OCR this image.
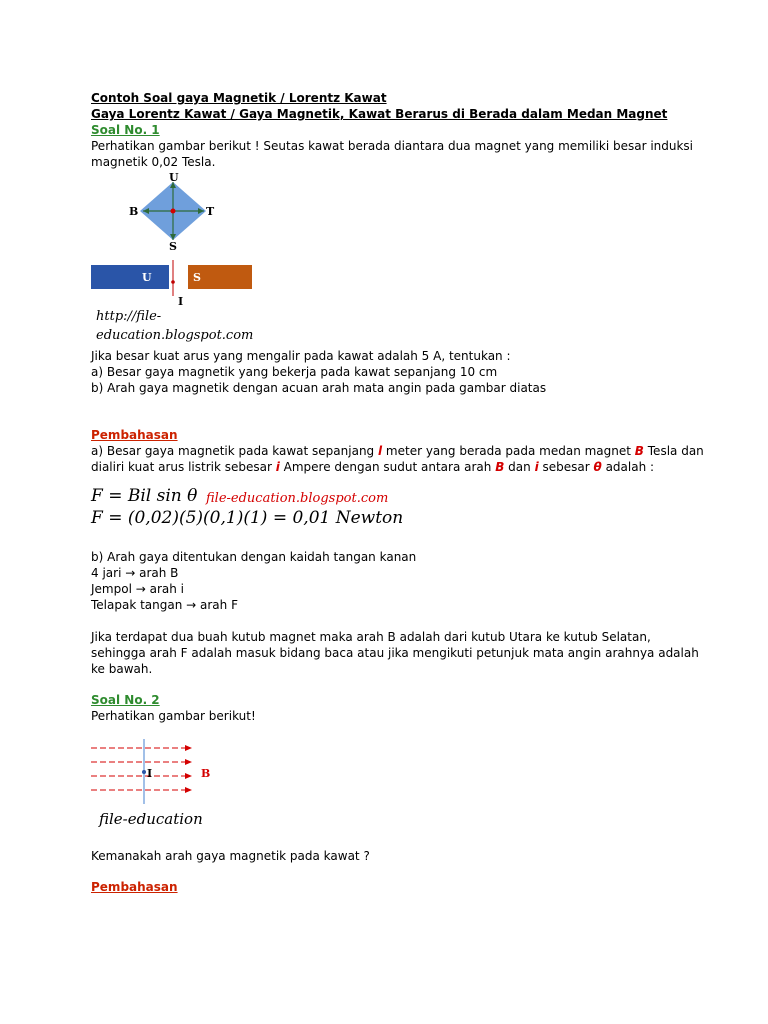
Contoh Soal gaya Magnetik / Lorentz Kawat
Gaya Lorentz Kawat / Gaya Magnetik, Kawat Berarus di Berada dalam Medan Magnet
Soal No. 1
Perhatikan gambar berikut ! Seutas kawat berada diantara dua magnet yang memiliki besar induksi
magnetik 0,02 Tesla.
U
S
B	T
U	S
I
http://file-
education.blogspot.com
Jika besar kuat arus yang mengalir pada kawat adalah 5 A, tentukan :
a) Besar gaya magnetik yang bekerja pada kawat sepanjang 10 cm
b) Arah gaya magnetik dengan acuan arah mata angin pada gambar diatas
Pembahasan
a) Besar gaya magnetik pada kawat sepanjang l meter yang berada pada medan magnet B Tesla dan
dialiri kuat arus listrik sebesar i Ampere dengan sudut antara arah B dan i sebesar θ adalah :
F = Bil sin θ file-education.blogspot.com
F = (0,02)(5)(0,1)(1) = 0,01 Newton
b) Arah gaya ditentukan dengan kaidah tangan kanan
4 jari → arah B
Jempol → arah i
Telapak tangan → arah F
Jika terdapat dua buah kutub magnet maka arah B adalah dari kutub Utara ke kutub Selatan,
sehingga arah F adalah masuk bidang baca atau jika mengikuti petunjuk mata angin arahnya adalah
ke bawah.
Soal No. 2
Perhatikan gambar berikut!
I	B
file-education
Kemanakah arah gaya magnetik pada kawat ?
Pembahasan
